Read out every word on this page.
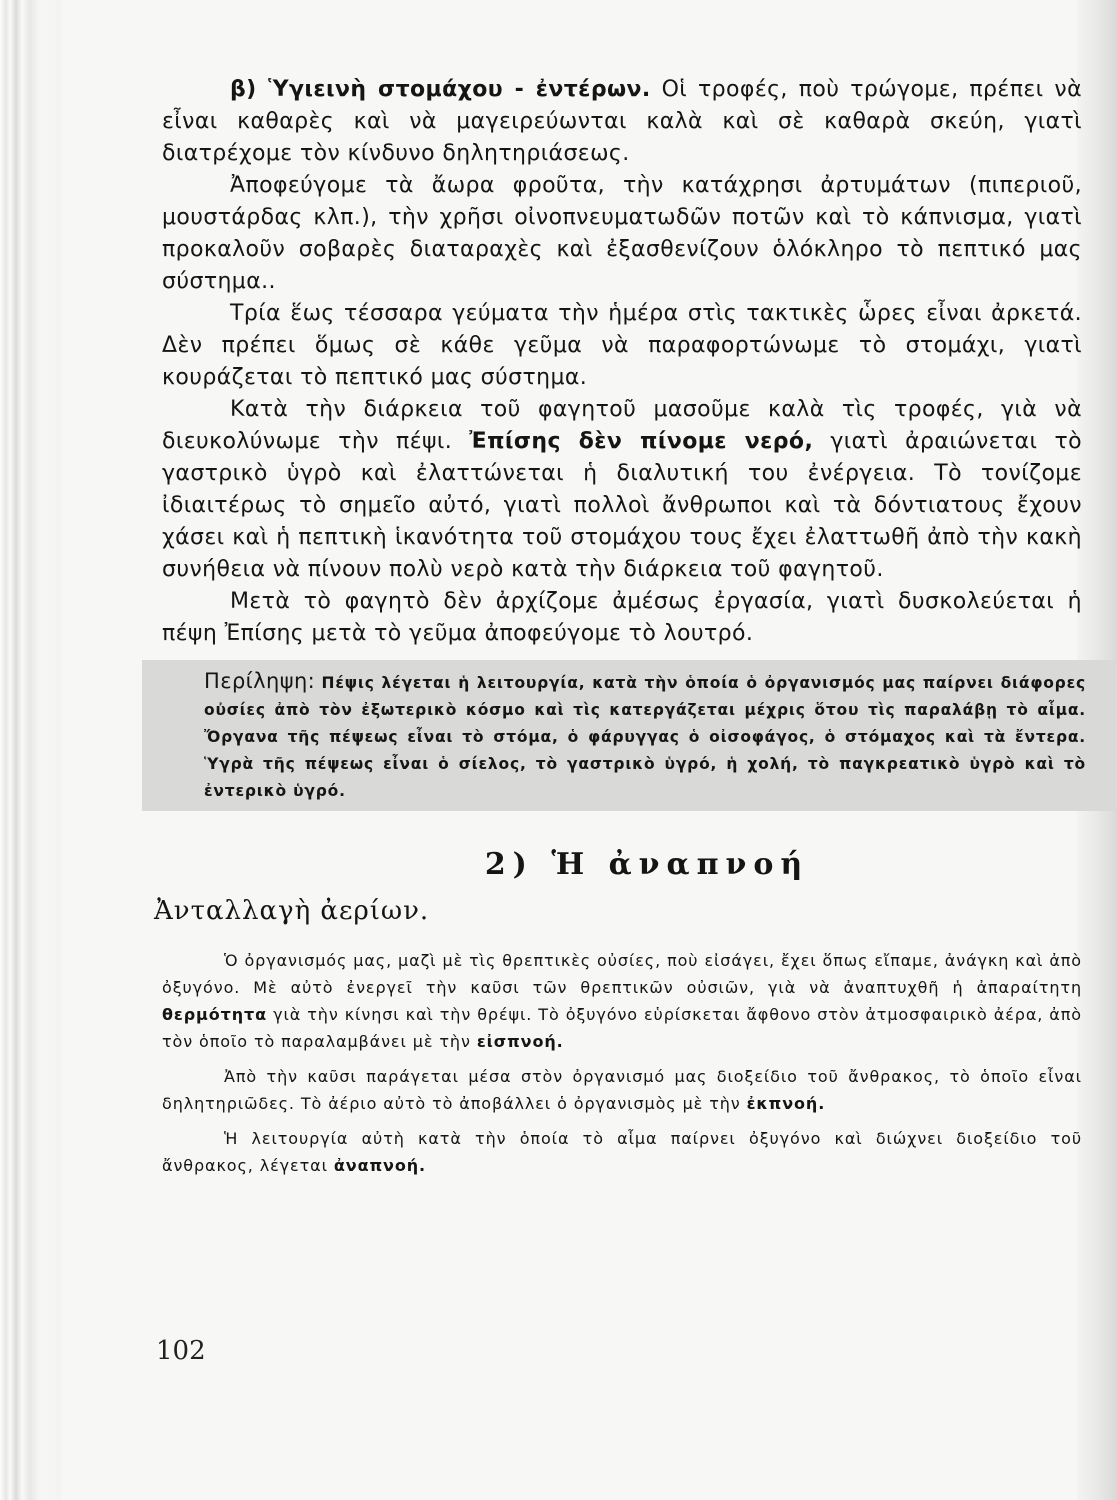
β) Ὑγιεινὴ στομάχου - ἐντέρων. Οἱ τροφές, ποὺ τρώγομε, πρέπει νὰ εἶναι καθαρὲς καὶ νὰ μαγειρεύωνται καλὰ καὶ σὲ καθαρὰ σκεύη, γιατὶ διατρέχομε τὸν κίνδυνο δηλητηριάσεως.

Ἀποφεύγομε τὰ ἄωρα φροῦτα, τὴν κατάχρησι ἀρτυμάτων (πιπεριοῦ, μουστάρδας κλπ.), τὴν χρῆσι οἰνοπνευματωδῶν ποτῶν καὶ τὸ κάπνισμα, γιατὶ προκαλοῦν σοβαρὲς διαταραχὲς καὶ ἐξασθενίζουν ὁλόκληρο τὸ πεπτικό μας σύστημα..

Τρία ἕως τέσσαρα γεύματα τὴν ἡμέρα στὶς τακτικὲς ὧρες εἶναι ἀρκετά. Δὲν πρέπει ὅμως σὲ κάθε γεῦμα νὰ παραφορτώνωμε τὸ στομάχι, γιατὶ κουράζεται τὸ πεπτικό μας σύστημα.

Κατὰ τὴν διάρκεια τοῦ φαγητοῦ μασοῦμε καλὰ τὶς τροφές, γιὰ νὰ διευκολύνωμε τὴν πέψι. Ἐπίσης δὲν πίνομε νερό, γιατὶ ἀραιώνεται τὸ γαστρικὸ ὑγρὸ καὶ ἐλαττώνεται ἡ διαλυτική του ἐνέργεια. Τὸ τονίζομε ἰδιαιτέρως τὸ σημεῖο αὐτό, γιατὶ πολλοὶ ἄνθρωποι καὶ τὰ δόντιατους ἔχουν χάσει καὶ ἡ πεπτικὴ ἱκανότητα τοῦ στομάχου τους ἔχει ἐλαττωθῆ ἀπὸ τὴν κακὴ συνήθεια νὰ πίνουν πολὺ νερὸ κατὰ τὴν διάρκεια τοῦ φαγητοῦ.

Μετὰ τὸ φαγητὸ δὲν ἀρχίζομε ἀμέσως ἐργασία, γιατὶ δυσκολεύεται ἡ πέψη Ἐπίσης μετὰ τὸ γεῦμα ἀποφεύγομε τὸ λουτρό.

Περίληψη: Πέψις λέγεται ἡ λειτουργία, κατὰ τὴν ὁποία ὁ ὀργανισμός μας παίρνει διάφορες οὐσίες ἀπὸ τὸν ἐξωτερικὸ κόσμο καὶ τὶς κατεργάζεται μέχρις ὅτου τὶς παραλάβῃ τὸ αἷμα. Ὄργανα τῆς πέψεως εἶναι τὸ στόμα, ὁ φάρυγγας ὁ οἰσοφάγος, ὁ στόμαχος καὶ τὰ ἔντερα. Ὑγρὰ τῆς πέψεως εἶναι ὁ σίελος, τὸ γαστρικὸ ὑγρό, ἡ χολή, τὸ παγκρεατικὸ ὑγρὸ καὶ τὸ ἐντερικὸ ὑγρό.
2) Ἡ ἀναπνοή
Ἀνταλλαγὴ ἀερίων.

Ὁ ὀργανισμός μας, μαζὶ μὲ τὶς θρεπτικὲς οὐσίες, ποὺ εἰσάγει, ἔχει ὅπως εἴπαμε, ἀνάγκη καὶ ἀπὸ ὀξυγόνο. Μὲ αὐτὸ ἐνεργεῖ τὴν καῦσι τῶν θρεπτικῶν οὐσιῶν, γιὰ νὰ ἀναπτυχθῆ ἡ ἀπαραίτητη θερμότητα γιὰ τὴν κίνησι καὶ τὴν θρέψι. Τὸ ὀξυγόνο εὑρίσκεται ἄφθονο στὸν ἀτμοσφαιρικὸ ἀέρα, ἀπὸ τὸν ὁποῖο τὸ παραλαμβάνει μὲ τὴν εἰσπνοή.

Ἀπὸ τὴν καῦσι παράγεται μέσα στὸν ὀργανισμό μας διοξείδιο τοῦ ἄνθρακος, τὸ ὁποῖο εἶναι δηλητηριῶδες. Τὸ ἀέριο αὐτὸ τὸ ἀποβάλλει ὁ ὀργανισμὸς μὲ τὴν ἐκπνοή.

Ἡ λειτουργία αὐτὴ κατὰ τὴν ὁποία τὸ αἷμα παίρνει ὀξυγόνο καὶ διώχνει διοξείδιο τοῦ ἄνθρακος, λέγεται ἀναπνοή.

102
